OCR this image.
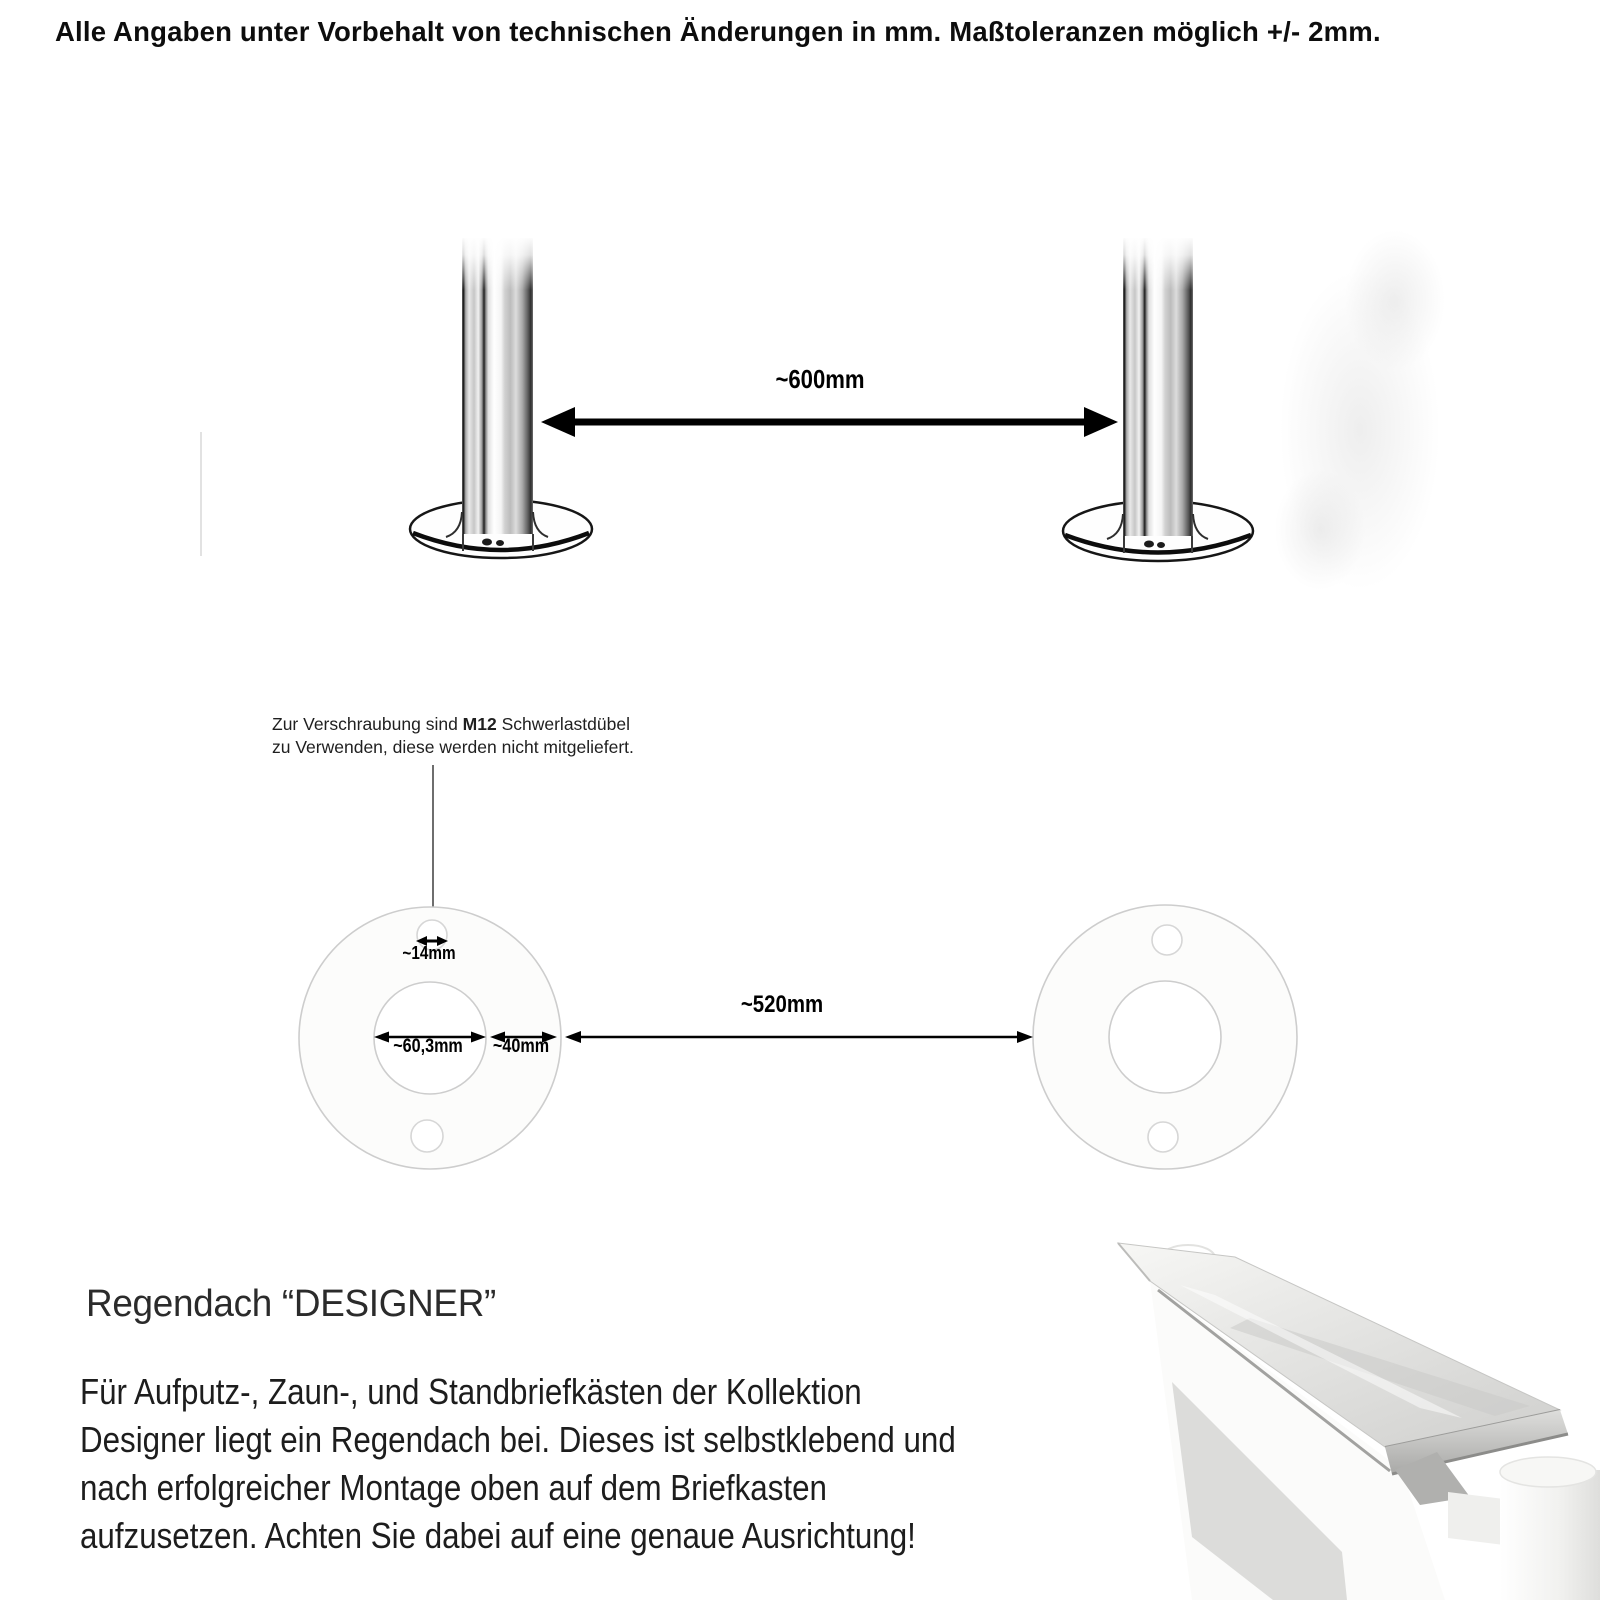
Alle Angaben unter Vorbehalt von technischen Änderungen in mm. Maßtoleranzen möglich +/- 2mm.
~600mm
~14mm
~60,3mm	~40mm
~520mm
Zur Verschraubung sind M12 Schwerlastdübel
zu Verwenden, diese werden nicht mitgeliefert.
Regendach “DESIGNER”
Für Aufputz-, Zaun-, und Standbriefkästen der Kollektion
Designer liegt ein Regendach bei. Dieses ist selbstklebend und
nach erfolgreicher Montage oben auf dem Briefkasten
aufzusetzen. Achten Sie dabei auf eine genaue Ausrichtung!
